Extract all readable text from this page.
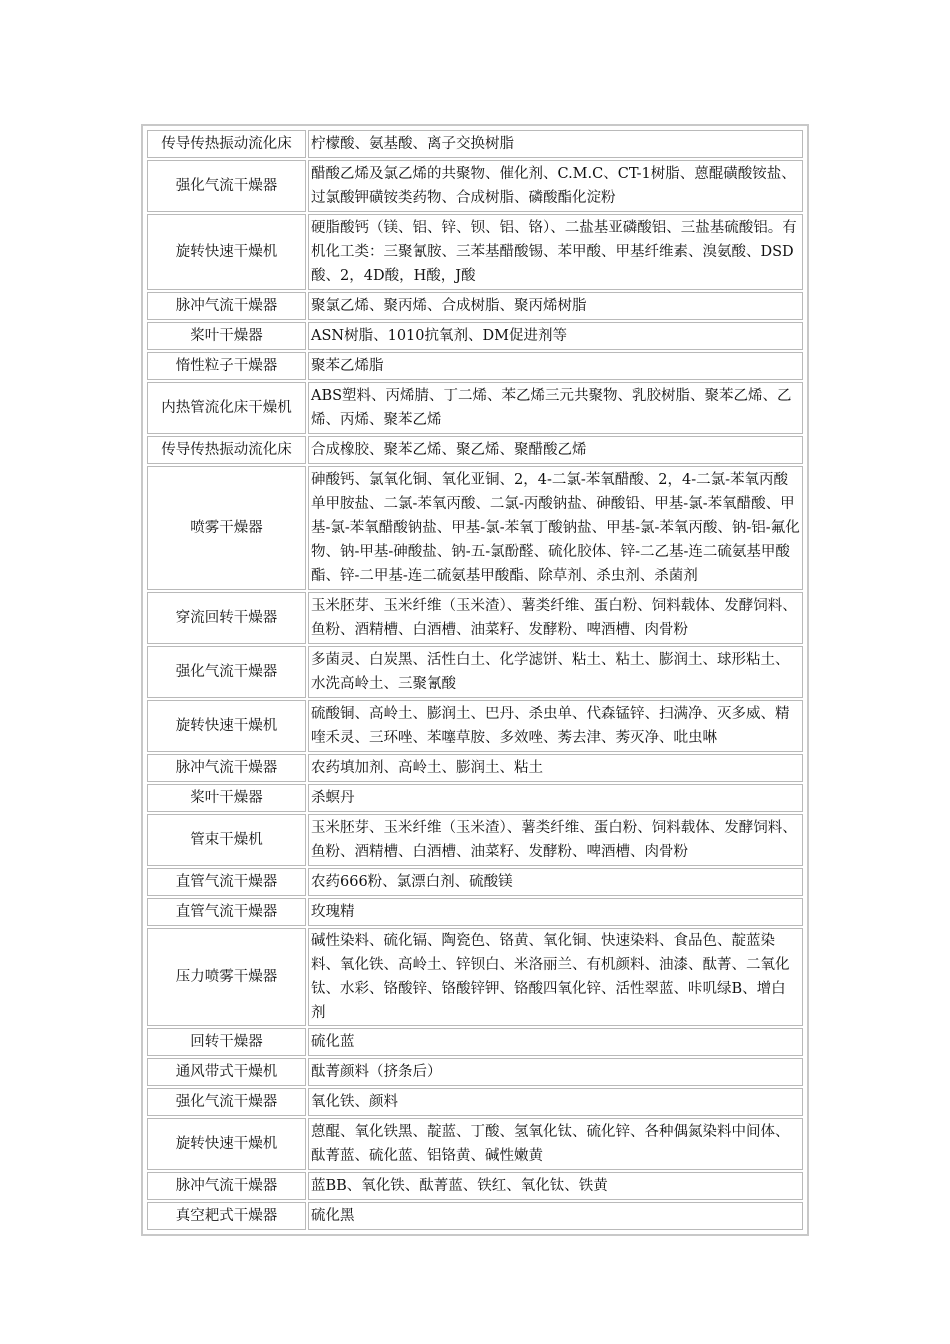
传导传热振动流化床	柠檬酸、氨基酸、离子交换树脂
强化气流干燥器	醋酸乙烯及氯乙烯的共聚物、催化剂、C.M.C、CT-1树脂、蒽醌磺酸铵盐、过氯酸钾磺铵类药物、合成树脂、磷酸酯化淀粉
旋转快速干燥机	硬脂酸钙（镁、铝、锌、钡、铝、铬）、二盐基亚磷酸铝、三盐基硫酸铝。有机化工类：三聚氰胺、三苯基醋酸锡、苯甲酸、甲基纤维素、溴氨酸、DSD酸、2，4D酸，H酸，J酸
脉冲气流干燥器	聚氯乙烯、聚丙烯、合成树脂、聚丙烯树脂
桨叶干燥器	ASN树脂、1010抗氧剂、DM促进剂等
惰性粒子干燥器	聚苯乙烯脂
内热管流化床干燥机	ABS塑料、丙烯腈、丁二烯、苯乙烯三元共聚物、乳胶树脂、聚苯乙烯、乙烯、丙烯、聚苯乙烯
传导传热振动流化床	合成橡胶、聚苯乙烯、聚乙烯、聚醋酸乙烯
喷雾干燥器	砷酸钙、氯氧化铜、氧化亚铜、2，4-二氯-苯氧醋酸、2，4-二氯-苯氧丙酸单甲胺盐、二氯-苯氧丙酸、二氯-丙酸钠盐、砷酸铅、甲基-氯-苯氧醋酸、甲基-氯-苯氧醋酸钠盐、甲基-氯-苯氧丁酸钠盐、甲基-氯-苯氧丙酸、钠-铝-氟化物、钠-甲基-砷酸盐、钠-五-氯酚醛、硫化胶体、锌-二乙基-连二硫氨基甲酸酯、锌-二甲基-连二硫氨基甲酸酯、除草剂、杀虫剂、杀菌剂
穿流回转干燥器	玉米胚芽、玉米纤维（玉米渣）、薯类纤维、蛋白粉、饲料载体、发酵饲料、鱼粉、酒精槽、白酒槽、油菜籽、发酵粉、啤酒槽、肉骨粉
强化气流干燥器	多菌灵、白炭黑、活性白土、化学滤饼、粘土、粘土、膨润土、球形粘土、水洗高岭土、三聚氰酸
旋转快速干燥机	硫酸铜、高岭土、膨润土、巴丹、杀虫单、代森锰锌、扫满净、灭多威、精喹禾灵、三环唑、苯噻草胺、多效唑、莠去津、莠灭净、吡虫啉
脉冲气流干燥器	农药填加剂、高岭土、膨润土、粘土
桨叶干燥器	杀螟丹
管束干燥机	玉米胚芽、玉米纤维（玉米渣）、薯类纤维、蛋白粉、饲料载体、发酵饲料、鱼粉、酒精槽、白酒槽、油菜籽、发酵粉、啤酒槽、肉骨粉
直管气流干燥器	农药666粉、氯漂白剂、硫酸镁
直管气流干燥器	玫瑰精
压力喷雾干燥器	碱性染料、硫化镉、陶瓷色、铬黄、氧化铜、快速染料、食品色、靛蓝染料、氧化铁、高岭土、锌钡白、米洛丽兰、有机颜料、油漆、酞菁、二氧化钛、水彩、铬酸锌、铬酸锌钾、铬酸四氧化锌、活性翠蓝、咔叽绿B、增白剂
回转干燥器	硫化蓝
通风带式干燥机	酞菁颜料（挤条后）
强化气流干燥器	氧化铁、颜料
旋转快速干燥机	蒽醌、氧化铁黑、靛蓝、丁酸、氢氧化钛、硫化锌、各种偶氮染料中间体、酞菁蓝、硫化蓝、铝铬黄、碱性嫩黄
脉冲气流干燥器	蓝BB、氧化铁、酞菁蓝、铁红、氧化钛、铁黄
真空耙式干燥器	硫化黑
